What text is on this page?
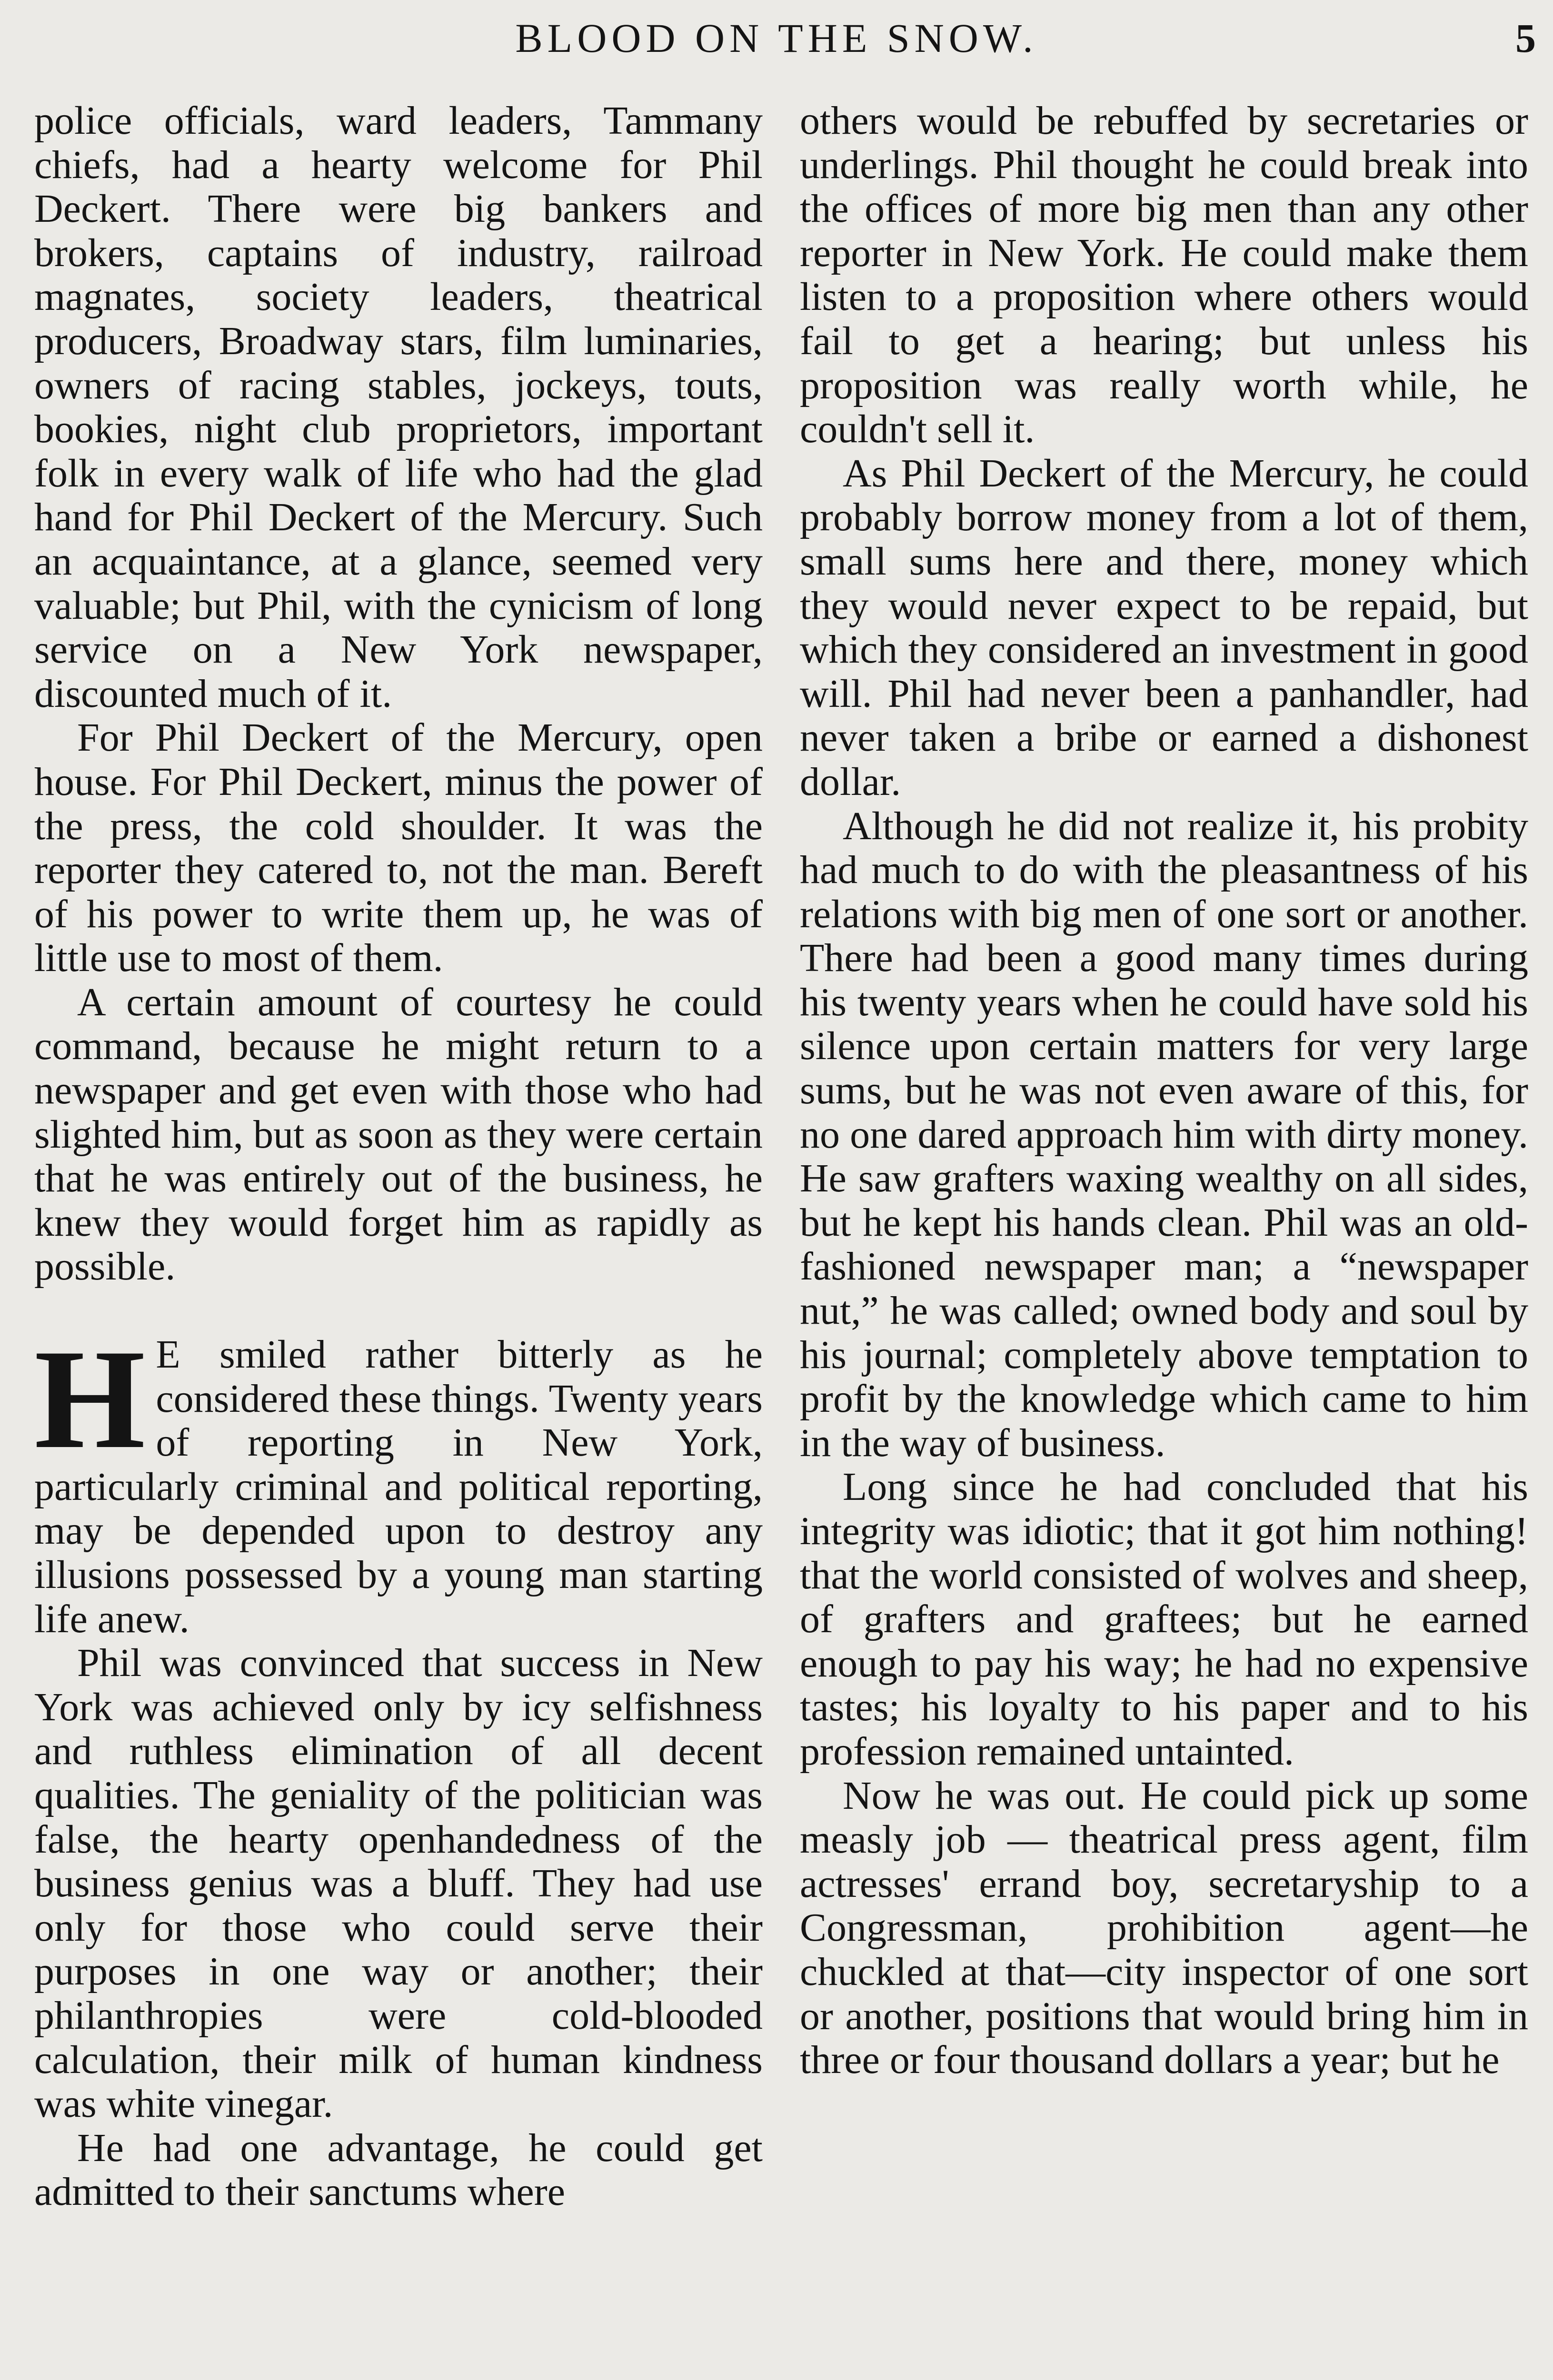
BLOOD ON THE SNOW.	5

police officials, ward leaders, Tammany chiefs, had a hearty welcome for Phil Deckert. There were big bankers and brokers, captains of industry, railroad magnates, society leaders, theatrical producers, Broadway stars, film luminaries, owners of racing stables, jockeys, touts, bookies, night club proprietors, important folk in every walk of life who had the glad hand for Phil Deckert of the Mercury. Such an acquaintance, at a glance, seemed very valuable; but Phil, with the cynicism of long service on a New York newspaper, discounted much of it.

For Phil Deckert of the Mercury, open house. For Phil Deckert, minus the power of the press, the cold shoulder. It was the reporter they catered to, not the man. Bereft of his power to write them up, he was of little use to most of them.

A certain amount of courtesy he could command, because he might return to a newspaper and get even with those who had slighted him, but as soon as they were certain that he was entirely out of the business, he knew they would forget him as rapidly as possible.

HE smiled rather bitterly as he considered these things. Twenty years of reporting in New York, particularly criminal and political reporting, may be depended upon to destroy any illusions possessed by a young man starting life anew.

Phil was convinced that success in New York was achieved only by icy selfishness and ruthless elimination of all decent qualities. The geniality of the politician was false, the hearty openhandedness of the business genius was a bluff. They had use only for those who could serve their purposes in one way or another; their philanthropies were cold-blooded calculation, their milk of human kindness was white vinegar.

He had one advantage, he could get admitted to their sanctums where

others would be rebuffed by secretaries or underlings. Phil thought he could break into the offices of more big men than any other reporter in New York. He could make them listen to a proposition where others would fail to get a hearing; but unless his proposition was really worth while, he couldn't sell it.

As Phil Deckert of the Mercury, he could probably borrow money from a lot of them, small sums here and there, money which they would never expect to be repaid, but which they considered an investment in good will. Phil had never been a panhandler, had never taken a bribe or earned a dishonest dollar.

Although he did not realize it, his probity had much to do with the pleasantness of his relations with big men of one sort or another. There had been a good many times during his twenty years when he could have sold his silence upon certain matters for very large sums, but he was not even aware of this, for no one dared approach him with dirty money. He saw grafters waxing wealthy on all sides, but he kept his hands clean. Phil was an old-fashioned newspaper man; a “newspaper nut,” he was called; owned body and soul by his journal; completely above temptation to profit by the knowledge which came to him in the way of business.

Long since he had concluded that his integrity was idiotic; that it got him nothing! that the world consisted of wolves and sheep, of grafters and graftees; but he earned enough to pay his way; he had no expensive tastes; his loyalty to his paper and to his profession remained untainted.

Now he was out. He could pick up some measly job — theatrical press agent, film actresses' errand boy, secretaryship to a Congressman, prohibition agent—he chuckled at that—city inspector of one sort or another, positions that would bring him in three or four thousand dollars a year; but he
